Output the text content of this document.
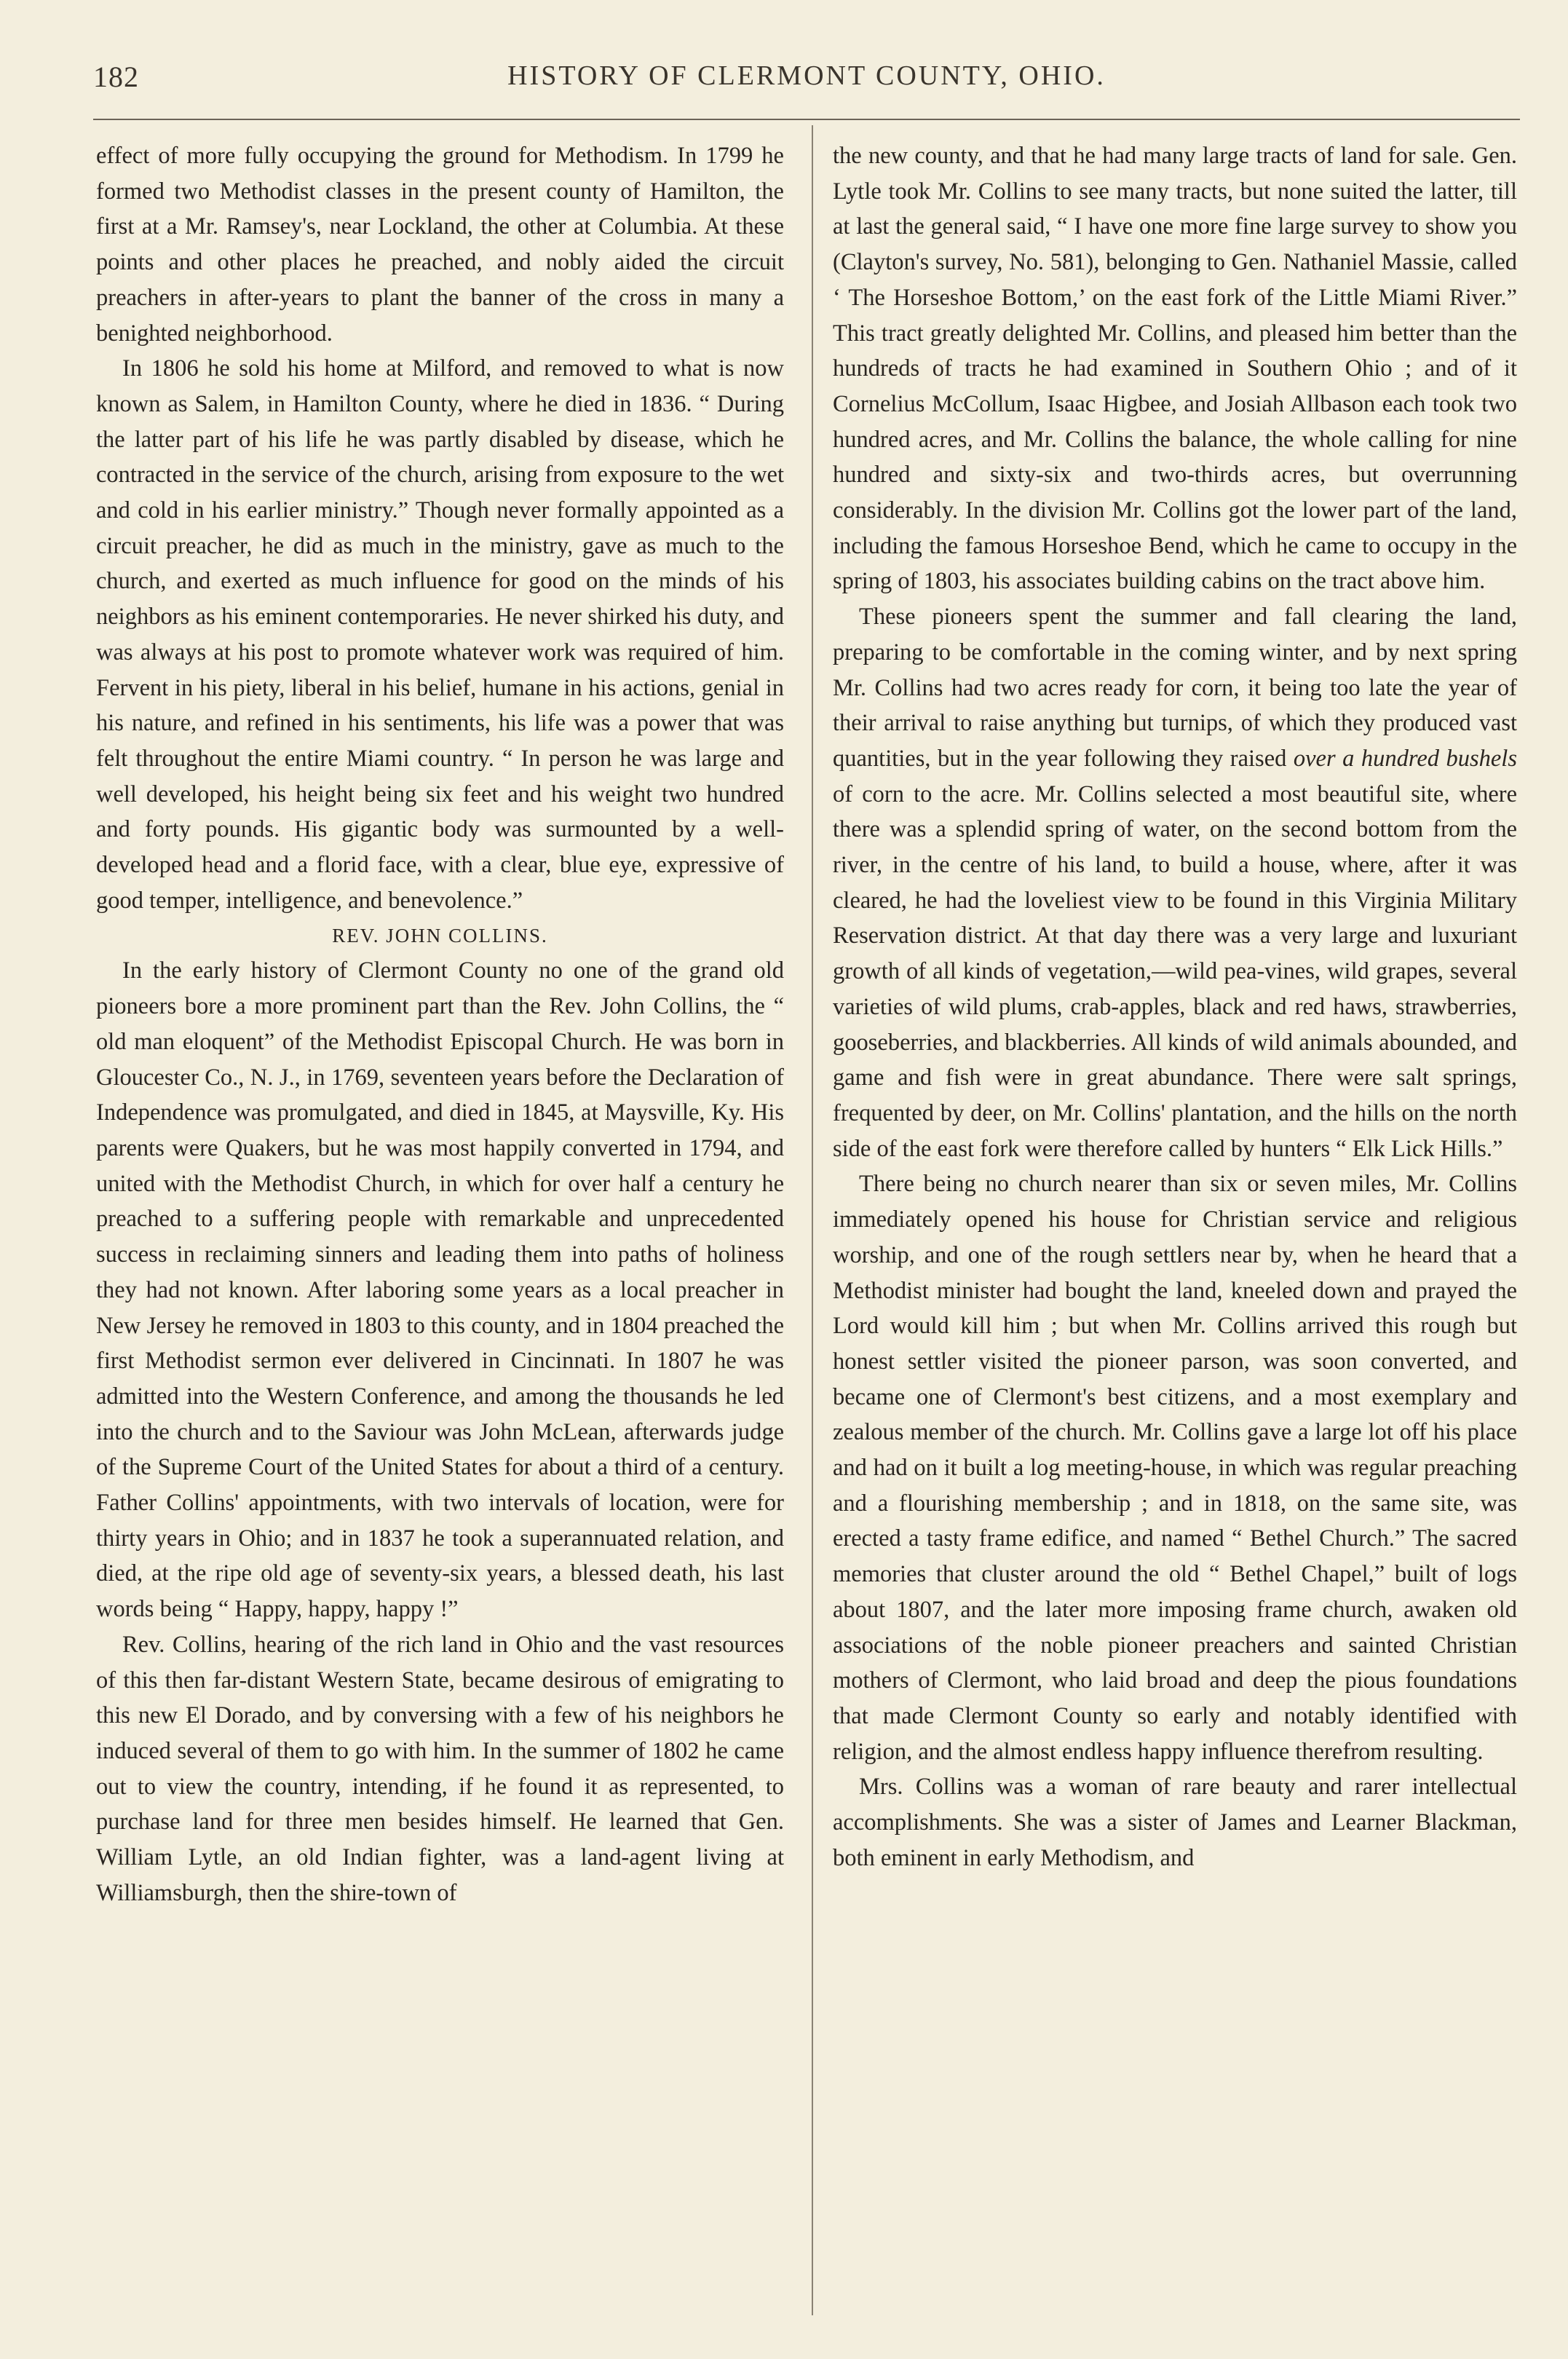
182	HISTORY OF CLERMONT COUNTY, OHIO.

effect of more fully occupying the ground for Methodism. In 1799 he formed two Methodist classes in the present county of Hamilton, the first at a Mr. Ramsey's, near Lockland, the other at Columbia. At these points and other places he preached, and nobly aided the circuit preachers in after-years to plant the banner of the cross in many a benighted neighborhood.

In 1806 he sold his home at Milford, and removed to what is now known as Salem, in Hamilton County, where he died in 1836. “ During the latter part of his life he was partly disabled by disease, which he contracted in the service of the church, arising from exposure to the wet and cold in his earlier ministry.” Though never formally appointed as a circuit preacher, he did as much in the ministry, gave as much to the church, and exerted as much influence for good on the minds of his neighbors as his eminent contemporaries. He never shirked his duty, and was always at his post to promote whatever work was required of him. Fervent in his piety, liberal in his belief, humane in his actions, genial in his nature, and refined in his sentiments, his life was a power that was felt throughout the entire Miami country. “ In person he was large and well developed, his height being six feet and his weight two hundred and forty pounds. His gigantic body was surmounted by a well-developed head and a florid face, with a clear, blue eye, expressive of good temper, intelligence, and benevolence.”

REV. JOHN COLLINS.

In the early history of Clermont County no one of the grand old pioneers bore a more prominent part than the Rev. John Collins, the “ old man eloquent” of the Methodist Episcopal Church. He was born in Gloucester Co., N. J., in 1769, seventeen years before the Declaration of Independence was promulgated, and died in 1845, at Maysville, Ky. His parents were Quakers, but he was most happily converted in 1794, and united with the Methodist Church, in which for over half a century he preached to a suffering people with remarkable and unprecedented success in reclaiming sinners and leading them into paths of holiness they had not known. After laboring some years as a local preacher in New Jersey he removed in 1803 to this county, and in 1804 preached the first Methodist sermon ever delivered in Cincinnati. In 1807 he was admitted into the Western Conference, and among the thousands he led into the church and to the Saviour was John McLean, afterwards judge of the Supreme Court of the United States for about a third of a century. Father Collins' appointments, with two intervals of location, were for thirty years in Ohio; and in 1837 he took a superannuated relation, and died, at the ripe old age of seventy-six years, a blessed death, his last words being “ Happy, happy, happy !”

Rev. Collins, hearing of the rich land in Ohio and the vast resources of this then far-distant Western State, became desirous of emigrating to this new El Dorado, and by conversing with a few of his neighbors he induced several of them to go with him. In the summer of 1802 he came out to view the country, intending, if he found it as represented, to purchase land for three men besides himself. He learned that Gen. William Lytle, an old Indian fighter, was a land-agent living at Williamsburgh, then the shire-town of

the new county, and that he had many large tracts of land for sale. Gen. Lytle took Mr. Collins to see many tracts, but none suited the latter, till at last the general said, “ I have one more fine large survey to show you (Clayton's survey, No. 581), belonging to Gen. Nathaniel Massie, called ‘ The Horseshoe Bottom,’ on the east fork of the Little Miami River.” This tract greatly delighted Mr. Collins, and pleased him better than the hundreds of tracts he had examined in Southern Ohio ; and of it Cornelius McCollum, Isaac Higbee, and Josiah Allbason each took two hundred acres, and Mr. Collins the balance, the whole calling for nine hundred and sixty-six and two-thirds acres, but overrunning considerably. In the division Mr. Collins got the lower part of the land, including the famous Horseshoe Bend, which he came to occupy in the spring of 1803, his associates building cabins on the tract above him.

These pioneers spent the summer and fall clearing the land, preparing to be comfortable in the coming winter, and by next spring Mr. Collins had two acres ready for corn, it being too late the year of their arrival to raise anything but turnips, of which they produced vast quantities, but in the year following they raised over a hundred bushels of corn to the acre. Mr. Collins selected a most beautiful site, where there was a splendid spring of water, on the second bottom from the river, in the centre of his land, to build a house, where, after it was cleared, he had the loveliest view to be found in this Virginia Military Reservation district. At that day there was a very large and luxuriant growth of all kinds of vegetation,—wild pea-vines, wild grapes, several varieties of wild plums, crab-apples, black and red haws, strawberries, gooseberries, and blackberries. All kinds of wild animals abounded, and game and fish were in great abundance. There were salt springs, frequented by deer, on Mr. Collins' plantation, and the hills on the north side of the east fork were therefore called by hunters “ Elk Lick Hills.”

There being no church nearer than six or seven miles, Mr. Collins immediately opened his house for Christian service and religious worship, and one of the rough settlers near by, when he heard that a Methodist minister had bought the land, kneeled down and prayed the Lord would kill him ; but when Mr. Collins arrived this rough but honest settler visited the pioneer parson, was soon converted, and became one of Clermont's best citizens, and a most exemplary and zealous member of the church. Mr. Collins gave a large lot off his place and had on it built a log meeting-house, in which was regular preaching and a flourishing membership ; and in 1818, on the same site, was erected a tasty frame edifice, and named “ Bethel Church.” The sacred memories that cluster around the old “ Bethel Chapel,” built of logs about 1807, and the later more imposing frame church, awaken old associations of the noble pioneer preachers and sainted Christian mothers of Clermont, who laid broad and deep the pious foundations that made Clermont County so early and notably identified with religion, and the almost endless happy influence therefrom resulting.

Mrs. Collins was a woman of rare beauty and rarer intellectual accomplishments. She was a sister of James and Learner Blackman, both eminent in early Methodism, and
